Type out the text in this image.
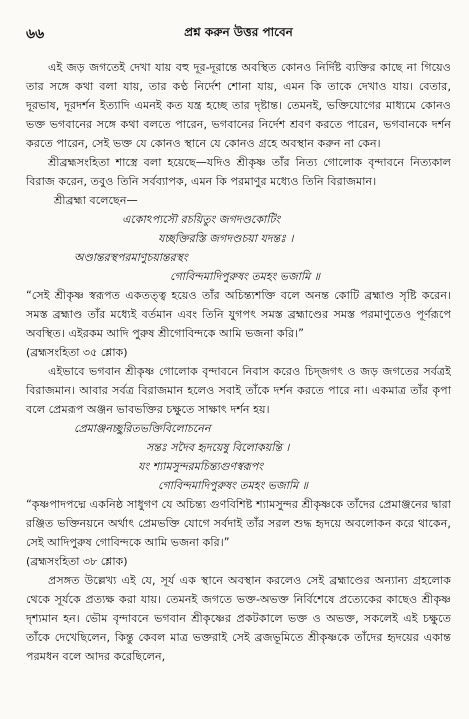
৬৬	প্রশ্ন করুন উত্তর পাবেন

এই জড় জগতেই দেখা যায় বহু দূর-দূরান্তে অবস্থিত কোনও নির্দিষ্ট ব্যক্তির কাছে না গিয়েও তার সঙ্গে কথা বলা যায়, তার কণ্ঠ নির্দেশ শোনা যায়, এমন কি তাকে দেখাও যায়। বেতার, দূরভাষ, দূরদর্শন ইত্যাদি এমনই কত যন্ত্র হচ্ছে তার দৃষ্টান্ত। তেমনই, ভক্তিযোগের মাধ্যমে কোনও ভক্ত ভগবানের সঙ্গে কথা বলতে পারেন, ভগবানের নির্দেশ শ্রবণ করতে পারেন, ভগবানকে দর্শন করতে পারেন, সেই ভক্ত যে কোনও স্থানে যে কোনও গ্রহে অবস্থান করুন না কেন।

শ্রীব্রহ্মসংহিতা শাস্ত্রে বলা হয়েছে—যদিও শ্রীকৃষ্ণ তাঁর নিত্য গোলোক বৃন্দাবনে নিত্যকাল বিরাজ করেন, তবুও তিনি সর্বব্যাপক, এমন কি পরমাণুর মধ্যেও তিনি বিরাজমান।

শ্রীব্রহ্মা বলেছেন—

একোঽপ্যসৌ রচয়িতুং জগদণ্ডকোটিং

যচ্ছক্তিরস্তি জগদণ্ডচয়া যদন্তঃ ।

অণ্ডান্তরস্থপরমাণুচয়ান্তরস্থং

গোবিন্দমাদিপুরুষং তমহং ভজামি ॥

“সেই শ্রীকৃষ্ণ স্বরূপত একতত্ত্ব হয়েও তাঁর অচিন্ত্যশক্তি বলে অনন্ত কোটি ব্রহ্মাণ্ড সৃষ্টি করেন। সমস্ত ব্রহ্মাণ্ড তাঁর মধ্যেই বর্তমান এবং তিনি যুগপৎ সমস্ত ব্রহ্মাণ্ডের সমস্ত পরমাণুতেও পূর্ণরূপে অবস্থিত। এইরকম আদি পুরুষ শ্রীগোবিন্দকে আমি ভজনা করি।”

(ব্রহ্মসংহিতা ৩৫ শ্লোক)

এইভাবে ভগবান শ্রীকৃষ্ণ গোলোক বৃন্দাবনে নিবাস করেও চিদ্জগৎ ও জড় জগতের সর্বত্রই বিরাজমান। আবার সর্বত্র বিরাজমান হলেও সবাই তাঁকে দর্শন করতে পারে না। একমাত্র তাঁর কৃপা বলে প্রেমরূপ অঞ্জন ভাবভক্তির চক্ষুতে সাক্ষাৎ দর্শন হয়।

প্রেমাঞ্জনচ্ছুরিতভক্তিবিলোচনেন

সন্তঃ সদৈব হৃদয়েষু বিলোকয়ন্তি ।

যং শ্যামসুন্দরমচিন্ত্যগুণস্বরূপং

গোবিন্দমাদিপুরুষং তমহং ভজামি ॥

“কৃষ্ণপাদপদ্মে একনিষ্ঠ সাধুগণ যে অচিন্ত্য গুণবিশিষ্ট শ্যামসুন্দর শ্রীকৃষ্ণকে তাঁদের প্রেমাঞ্জনের দ্বারা রঞ্জিত ভক্তিনয়নে অর্থাৎ প্রেমভক্তি যোগে সর্বদাই তাঁর সরল শুদ্ধ হৃদয়ে অবলোকন করে থাকেন, সেই আদিপুরুষ গোবিন্দকে আমি ভজনা করি।”

(ব্রহ্মসংহিতা ৩৮ শ্লোক)

প্রসঙ্গত উল্লেখ্য এই যে, সূর্য এক স্থানে অবস্থান করলেও সেই ব্রহ্মাণ্ডের অন্যান্য গ্রহলোক থেকে সূর্যকে প্রত্যক্ষ করা যায়। তেমনই জগতে ভক্ত-অভক্ত নির্বিশেষে প্রত্যেকের কাছেও শ্রীকৃষ্ণ দৃশ্যমান হন। ভৌম বৃন্দাবনে ভগবান শ্রীকৃষ্ণের প্রকটকালে ভক্ত ও অভক্ত, সকলেই এই চক্ষুতে তাঁকে দেখেছিলেন, কিন্তু কেবল মাত্র ভক্তরাই সেই ব্রজভূমিতে শ্রীকৃষ্ণকে তাঁদের হৃদয়ের একান্ত পরমধন বলে আদর করেছিলেন,
